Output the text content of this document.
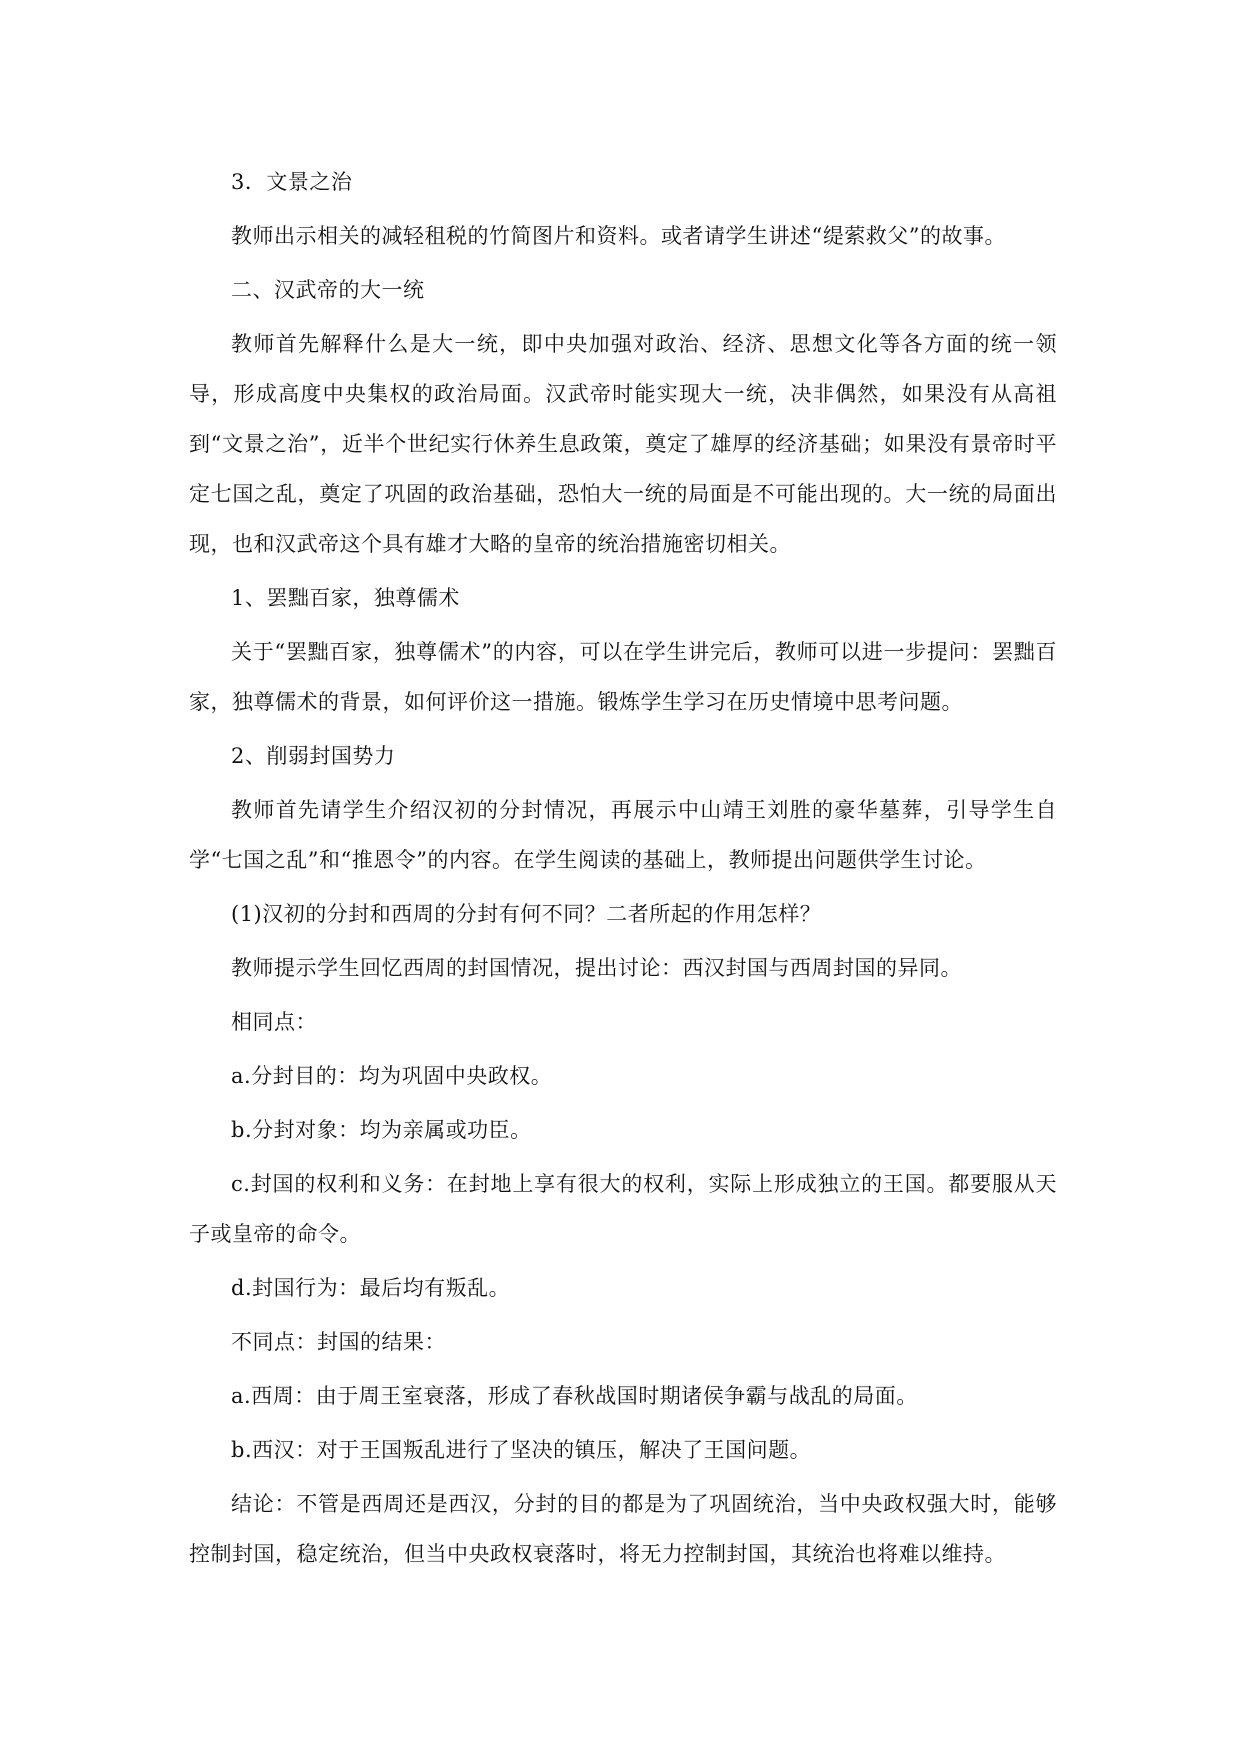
3．文景之治

教师出示相关的减轻租税的竹简图片和资料。或者请学生讲述“缇萦救父”的故事。

二、汉武帝的大一统

教师首先解释什么是大一统，即中央加强对政治、经济、思想文化等各方面的统一领导，形成高度中央集权的政治局面。汉武帝时能实现大一统，决非偶然，如果没有从高祖到“文景之治”，近半个世纪实行休养生息政策，奠定了雄厚的经济基础；如果没有景帝时平定七国之乱，奠定了巩固的政治基础，恐怕大一统的局面是不可能出现的。大一统的局面出现，也和汉武帝这个具有雄才大略的皇帝的统治措施密切相关。

1、罢黜百家，独尊儒术

关于“罢黜百家，独尊儒术”的内容，可以在学生讲完后，教师可以进一步提问：罢黜百家，独尊儒术的背景，如何评价这一措施。锻炼学生学习在历史情境中思考问题。

2、削弱封国势力

教师首先请学生介绍汉初的分封情况，再展示中山靖王刘胜的豪华墓葬，引导学生自学“七国之乱”和“推恩令”的内容。在学生阅读的基础上，教师提出问题供学生讨论。

(1)汉初的分封和西周的分封有何不同？二者所起的作用怎样？

教师提示学生回忆西周的封国情况，提出讨论：西汉封国与西周封国的异同。

相同点：

a.分封目的：均为巩固中央政权。

b.分封对象：均为亲属或功臣。

c.封国的权利和义务：在封地上享有很大的权利，实际上形成独立的王国。都要服从天子或皇帝的命令。

d.封国行为：最后均有叛乱。

不同点：封国的结果：

a.西周：由于周王室衰落，形成了春秋战国时期诸侯争霸与战乱的局面。

b.西汉：对于王国叛乱进行了坚决的镇压，解决了王国问题。

结论：不管是西周还是西汉，分封的目的都是为了巩固统治，当中央政权强大时，能够控制封国，稳定统治，但当中央政权衰落时，将无力控制封国，其统治也将难以维持。
